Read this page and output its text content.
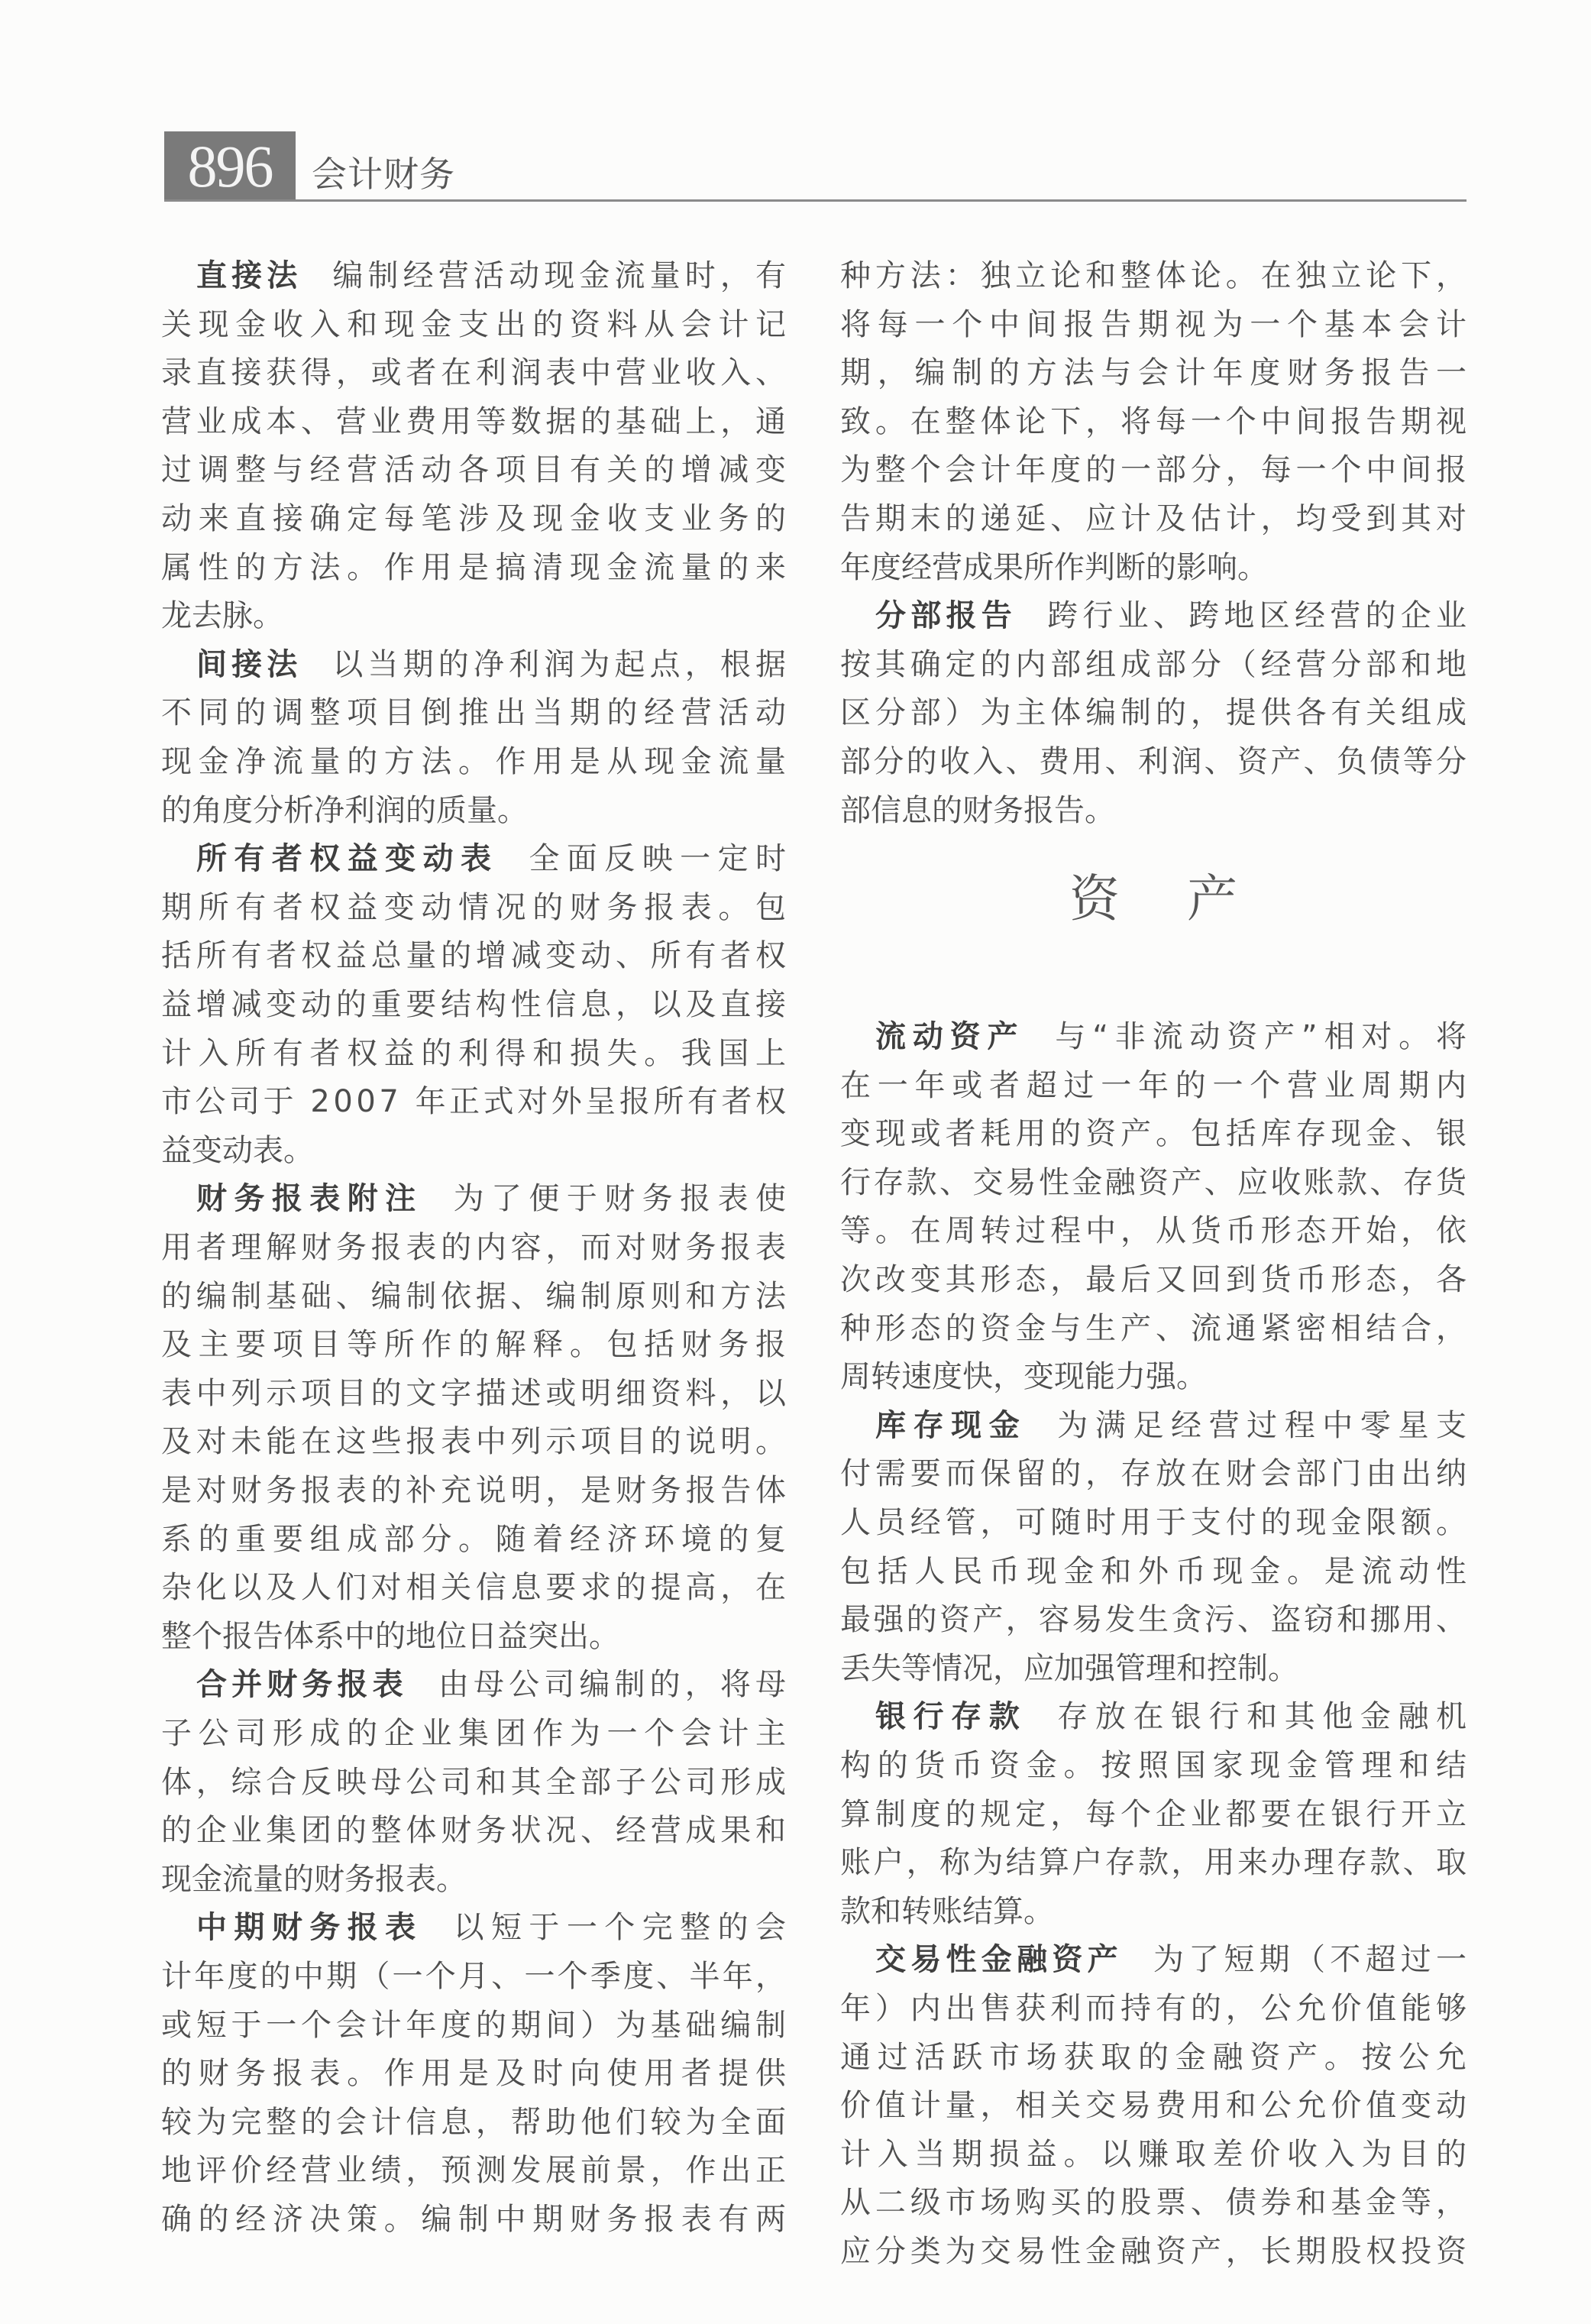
896	会计财务
直接法 编制经营活动现金流量时，有
关现金收入和现金支出的资料从会计记
录直接获得，或者在利润表中营业收入、
营业成本、营业费用等数据的基础上，通
过调整与经营活动各项目有关的增减变
动来直接确定每笔涉及现金收支业务的
属性的方法。作用是搞清现金流量的来
龙去脉。
间接法 以当期的净利润为起点，根据
不同的调整项目倒推出当期的经营活动
现金净流量的方法。作用是从现金流量
的角度分析净利润的质量。
所有者权益变动表 全面反映一定时
期所有者权益变动情况的财务报表。包
括所有者权益总量的增减变动、所有者权
益增减变动的重要结构性信息，以及直接
计入所有者权益的利得和损失。我国上
市公司于 2007 年正式对外呈报所有者权
益变动表。
财务报表附注 为了便于财务报表使
用者理解财务报表的内容，而对财务报表
的编制基础、编制依据、编制原则和方法
及主要项目等所作的解释。包括财务报
表中列示项目的文字描述或明细资料，以
及对未能在这些报表中列示项目的说明。
是对财务报表的补充说明，是财务报告体
系的重要组成部分。随着经济环境的复
杂化以及人们对相关信息要求的提高，在
整个报告体系中的地位日益突出。
合并财务报表 由母公司编制的，将母
子公司形成的企业集团作为一个会计主
体，综合反映母公司和其全部子公司形成
的企业集团的整体财务状况、经营成果和
现金流量的财务报表。
中期财务报表 以短于一个完整的会
计年度的中期（一个月、一个季度、半年，
或短于一个会计年度的期间）为基础编制
的财务报表。作用是及时向使用者提供
较为完整的会计信息，帮助他们较为全面
地评价经营业绩，预测发展前景，作出正
确的经济决策。编制中期财务报表有两
种方法：独立论和整体论。在独立论下，
将每一个中间报告期视为一个基本会计
期，编制的方法与会计年度财务报告一
致。在整体论下，将每一个中间报告期视
为整个会计年度的一部分，每一个中间报
告期末的递延、应计及估计，均受到其对
年度经营成果所作判断的影响。
分部报告 跨行业、跨地区经营的企业
按其确定的内部组成部分（经营分部和地
区分部）为主体编制的，提供各有关组成
部分的收入、费用、利润、资产、负债等分
部信息的财务报告。
资 产
流动资产 与“非流动资产”相对。将
在一年或者超过一年的一个营业周期内
变现或者耗用的资产。包括库存现金、银
行存款、交易性金融资产、应收账款、存货
等。在周转过程中，从货币形态开始，依
次改变其形态，最后又回到货币形态，各
种形态的资金与生产、流通紧密相结合，
周转速度快，变现能力强。
库存现金 为满足经营过程中零星支
付需要而保留的，存放在财会部门由出纳
人员经管，可随时用于支付的现金限额。
包括人民币现金和外币现金。是流动性
最强的资产，容易发生贪污、盗窃和挪用、
丢失等情况，应加强管理和控制。
银行存款 存放在银行和其他金融机
构的货币资金。按照国家现金管理和结
算制度的规定，每个企业都要在银行开立
账户，称为结算户存款，用来办理存款、取
款和转账结算。
交易性金融资产 为了短期（不超过一
年）内出售获利而持有的，公允价值能够
通过活跃市场获取的金融资产。按公允
价值计量，相关交易费用和公允价值变动
计入当期损益。以赚取差价收入为目的
从二级市场购买的股票、债券和基金等，
应分类为交易性金融资产，长期股权投资
